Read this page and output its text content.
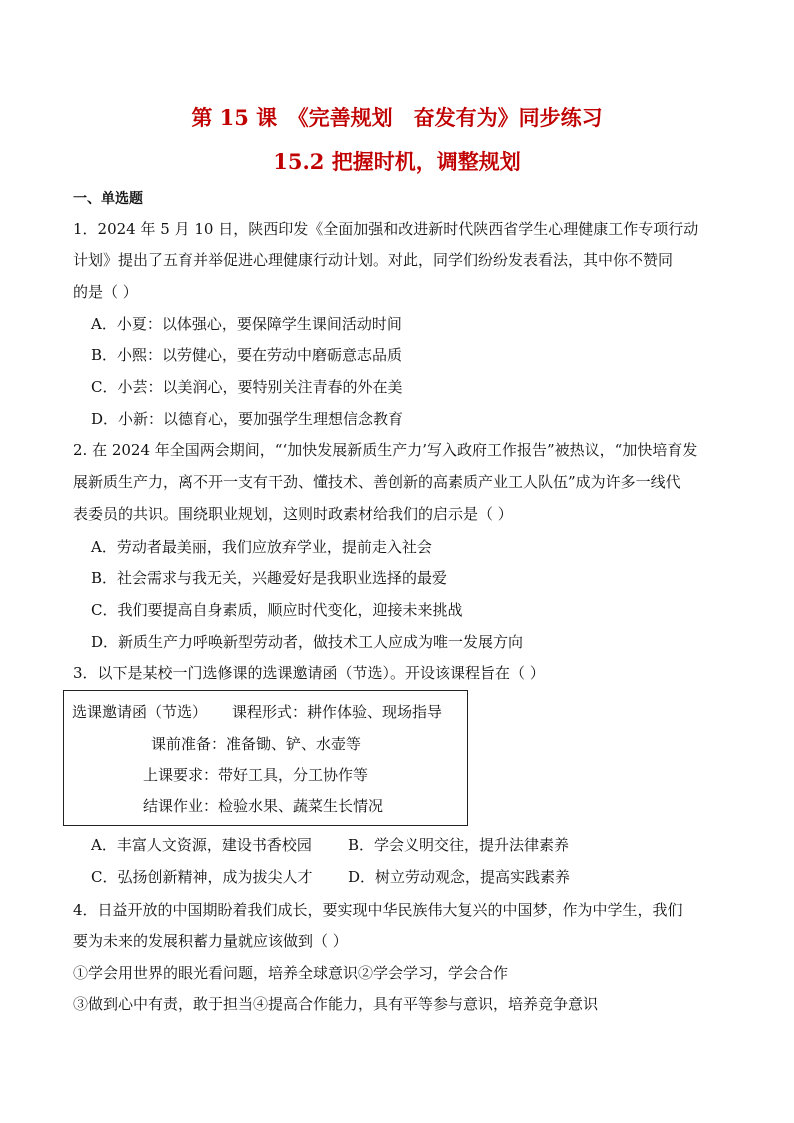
第 15 课　《完善规划　奋发有为》同步练习
15.2 把握时机，调整规划
一、单选题
1．2024 年 5 月 10 日，陕西印发《全面加强和改进新时代陕西省学生心理健康工作专项行动
计划》提出了五育并举促进心理健康行动计划。对此，同学们纷纷发表看法，其中你不赞同
的是（ ）
A．小夏：以体强心，要保障学生课间活动时间
B．小熙：以劳健心，要在劳动中磨砺意志品质
C．小芸：以美润心，要特别关注青春的外在美
D．小新：以德育心，要加强学生理想信念教育
2. 在 2024 年全国两会期间，“‘加快发展新质生产力’写入政府工作报告”被热议，“加快培育发
展新质生产力，离不开一支有干劲、懂技术、善创新的高素质产业工人队伍”成为许多一线代
表委员的共识。围绕职业规划，这则时政素材给我们的启示是（ ）
A．劳动者最美丽，我们应放弃学业，提前走入社会
B．社会需求与我无关，兴趣爱好是我职业选择的最爱
C．我们要提高自身素质，顺应时代变化，迎接未来挑战
D．新质生产力呼唤新型劳动者，做技术工人应成为唯一发展方向
3．以下是某校一门选修课的选课邀请函（节选）。开设该课程旨在（ ）
选课邀请函（节选） 课程形式：耕作体验、现场指导
课前准备：准备锄、铲、水壶等
上课要求：带好工具，分工协作等
结课作业：检验水果、蔬菜生长情况
A．丰富人文资源，建设书香校园 B．学会义明交往，提升法律素养
C．弘扬创新精神，成为拔尖人才 D．树立劳动观念，提高实践素养
4．日益开放的中国期盼着我们成长，要实现中华民族伟大复兴的中国梦，作为中学生，我们
要为未来的发展积蓄力量就应该做到（ ）
①学会用世界的眼光看问题，培养全球意识②学会学习，学会合作
③做到心中有责，敢于担当④提高合作能力，具有平等参与意识，培养竞争意识
